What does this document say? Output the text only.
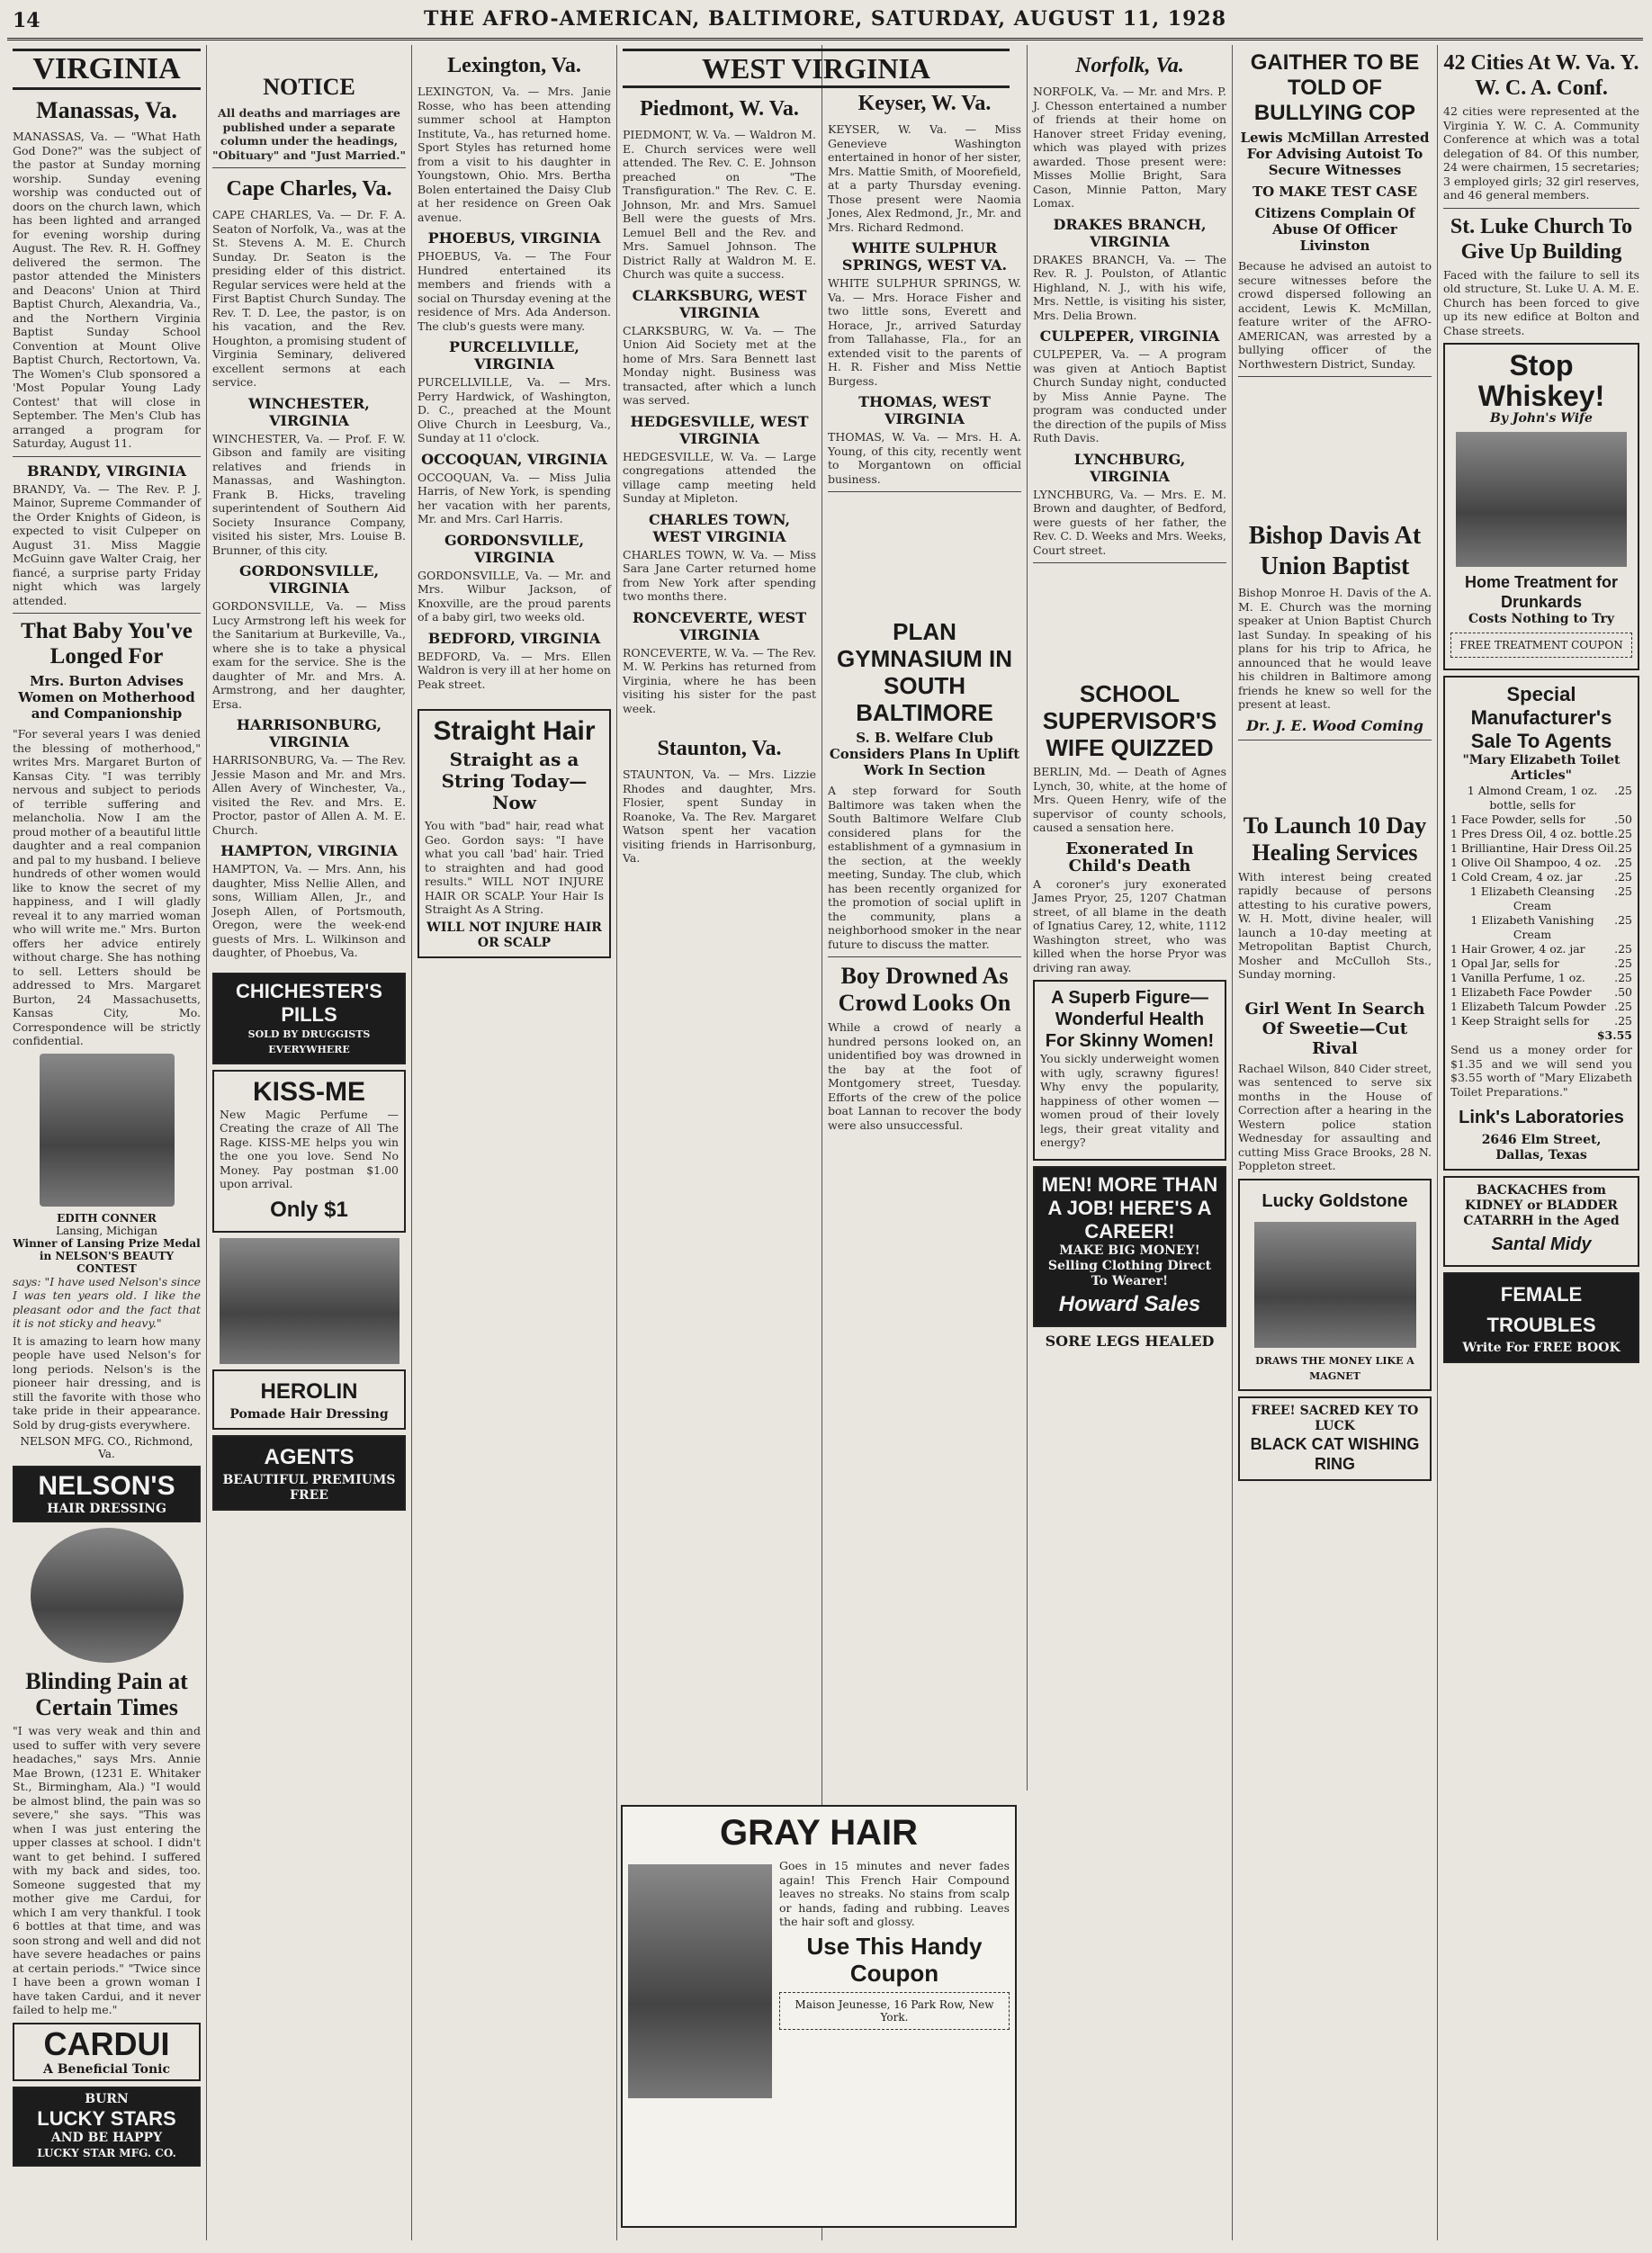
14	THE AFRO-AMERICAN, BALTIMORE, SATURDAY, AUGUST 11, 1928
VIRGINIA
Manassas, Va.

MANASSAS, Va. — "What Hath God Done?" was the subject of the pastor at Sunday morning worship. Sunday evening worship was conducted out of doors on the church lawn, which has been lighted and arranged for evening worship during August. The Rev. R. H. Goffney delivered the sermon. The pastor attended the Ministers and Deacons' Union at Third Baptist Church, Alexandria, Va., and the Northern Virginia Baptist Sunday School Convention at Mount Olive Baptist Church, Rectortown, Va. The Women's Club sponsored a 'Most Popular Young Lady Contest' that will close in September. The Men's Club has arranged a program for Saturday, August 11.

BRANDY, VIRGINIA

BRANDY, Va. — The Rev. P. J. Mainor, Supreme Commander of the Order Knights of Gideon, is expected to visit Culpeper on August 31. Miss Maggie McGuinn gave Walter Craig, her fiancé, a surprise party Friday night which was largely attended.

That Baby You've Longed For
Mrs. Burton Advises Women on Motherhood and Companionship

"For several years I was denied the blessing of motherhood," writes Mrs. Margaret Burton of Kansas City. "I was terribly nervous and subject to periods of terrible suffering and melancholia. Now I am the proud mother of a beautiful little daughter and a real companion and pal to my husband. I believe hundreds of other women would like to know the secret of my happiness, and I will gladly reveal it to any married woman who will write me." Mrs. Burton offers her advice entirely without charge. She has nothing to sell. Letters should be addressed to Mrs. Margaret Burton, 24 Massachusetts, Kansas City, Mo. Correspondence will be strictly confidential.

EDITH CONNER
Lansing, Michigan
Winner of Lansing Prize Medal in NELSON'S BEAUTY CONTEST

says: "I have used Nelson's since I was ten years old. I like the pleasant odor and the fact that it is not sticky and heavy."

It is amazing to learn how many people have used Nelson's for long periods. Nelson's is the pioneer hair dressing, and is still the favorite with those who take pride in their appearance. Sold by drug-gists everywhere.

NELSON MFG. CO., Richmond, Va.
NELSON'S
HAIR DRESSING
Blinding Pain at Certain Times

"I was very weak and thin and used to suffer with very severe headaches," says Mrs. Annie Mae Brown, (1231 E. Whitaker St., Birmingham, Ala.) "I would be almost blind, the pain was so severe," she says. "This was when I was just entering the upper classes at school. I didn't want to get behind. I suffered with my back and sides, too. Someone suggested that my mother give me Cardui, for which I am very thankful. I took 6 bottles at that time, and was soon strong and well and did not have severe headaches or pains at certain periods." "Twice since I have been a grown woman I have taken Cardui, and it never failed to help me."

CARDUI
A Beneficial Tonic
BURN
LUCKY STARS
AND BE HAPPY
LUCKY STAR MFG. CO.
NOTICE

All deaths and marriages are published under a separate column under the headings, "Obituary" and "Just Married."

Cape Charles, Va.

CAPE CHARLES, Va. — Dr. F. A. Seaton of Norfolk, Va., was at the St. Stevens A. M. E. Church Sunday. Dr. Seaton is the presiding elder of this district. Regular services were held at the First Baptist Church Sunday. The Rev. T. D. Lee, the pastor, is on his vacation, and the Rev. Houghton, a promising student of Virginia Seminary, delivered excellent sermons at each service.

WINCHESTER, VIRGINIA

WINCHESTER, Va. — Prof. F. W. Gibson and family are visiting relatives and friends in Manassas, and Washington. Frank B. Hicks, traveling superintendent of Southern Aid Society Insurance Company, visited his sister, Mrs. Louise B. Brunner, of this city.

GORDONSVILLE, VIRGINIA

GORDONSVILLE, Va. — Miss Lucy Armstrong left his week for the Sanitarium at Burkeville, Va., where she is to take a physical exam for the service. She is the daughter of Mr. and Mrs. A. Armstrong, and her daughter, Ersa.

HARRISONBURG, VIRGINIA

HARRISONBURG, Va. — The Rev. Jessie Mason and Mr. and Mrs. Allen Avery of Winchester, Va., visited the Rev. and Mrs. E. Proctor, pastor of Allen A. M. E. Church.

HAMPTON, VIRGINIA

HAMPTON, Va. — Mrs. Ann, his daughter, Miss Nellie Allen, and sons, William Allen, Jr., and Joseph Allen, of Portsmouth, Oregon, were the week-end guests of Mrs. L. Wilkinson and daughter, of Phoebus, Va.

CHICHESTER'S PILLS
SOLD BY DRUGGISTS EVERYWHERE
KISS-ME

New Magic Perfume — Creating the craze of All The Rage. KISS-ME helps you win the one you love. Send No Money. Pay postman $1.00 upon arrival.

Only $1
HEROLIN
Pomade Hair Dressing
AGENTS
BEAUTIFUL PREMIUMS FREE
Lexington, Va.

LEXINGTON, Va. — Mrs. Janie Rosse, who has been attending summer school at Hampton Institute, Va., has returned home. Sport Styles has returned home from a visit to his daughter in Youngstown, Ohio. Mrs. Bertha Bolen entertained the Daisy Club at her residence on Green Oak avenue.

PHOEBUS, VIRGINIA

PHOEBUS, Va. — The Four Hundred entertained its members and friends with a social on Thursday evening at the residence of Mrs. Ada Anderson. The club's guests were many.

PURCELLVILLE, VIRGINIA

PURCELLVILLE, Va. — Mrs. Perry Hardwick, of Washington, D. C., preached at the Mount Olive Church in Leesburg, Va., Sunday at 11 o'clock.

OCCOQUAN, VIRGINIA

OCCOQUAN, Va. — Miss Julia Harris, of New York, is spending her vacation with her parents, Mr. and Mrs. Carl Harris.

GORDONSVILLE, VIRGINIA

GORDONSVILLE, Va. — Mr. and Mrs. Wilbur Jackson, of Knoxville, are the proud parents of a baby girl, two weeks old.

BEDFORD, VIRGINIA

BEDFORD, Va. — Mrs. Ellen Waldron is very ill at her home on Peak street.

Straight Hair
Straight as a String Today—Now

You with "bad" hair, read what Geo. Gordon says: "I have what you call 'bad' hair. Tried to straighten and had good results." WILL NOT INJURE HAIR OR SCALP. Your Hair Is Straight As A String.

WILL NOT INJURE HAIR OR SCALP
WEST VIRGINIA
Piedmont, W. Va.

PIEDMONT, W. Va. — Waldron M. E. Church services were well attended. The Rev. C. E. Johnson preached on "The Transfiguration." The Rev. C. E. Johnson, Mr. and Mrs. Samuel Bell were the guests of Mrs. Lemuel Bell and the Rev. and Mrs. Samuel Johnson. The District Rally at Waldron M. E. Church was quite a success.

CLARKSBURG, WEST VIRGINIA

CLARKSBURG, W. Va. — The Union Aid Society met at the home of Mrs. Sara Bennett last Monday night. Business was transacted, after which a lunch was served.

HEDGESVILLE, WEST VIRGINIA

HEDGESVILLE, W. Va. — Large congregations attended the village camp meeting held Sunday at Mipleton.

CHARLES TOWN, WEST VIRGINIA

CHARLES TOWN, W. Va. — Miss Sara Jane Carter returned home from New York after spending two months there.

RONCEVERTE, WEST VIRGINIA

RONCEVERTE, W. Va. — The Rev. M. W. Perkins has returned from Virginia, where he has been visiting his sister for the past week.

Staunton, Va.

STAUNTON, Va. — Mrs. Lizzie Rhodes and daughter, Mrs. Flosier, spent Sunday in Roanoke, Va. The Rev. Margaret Watson spent her vacation visiting friends in Harrisonburg, Va.

GRAY HAIR

Goes in 15 minutes and never fades again! This French Hair Compound leaves no streaks. No stains from scalp or hands, fading and rubbing. Leaves the hair soft and glossy.

Use This Handy Coupon
Maison Jeunesse, 16 Park Row, New York.
Keyser, W. Va.

KEYSER, W. Va. — Miss Genevieve Washington entertained in honor of her sister, Mrs. Mattie Smith, of Moorefield, at a party Thursday evening. Those present were Naomia Jones, Alex Redmond, Jr., Mr. and Mrs. Richard Redmond.

WHITE SULPHUR SPRINGS, WEST VA.

WHITE SULPHUR SPRINGS, W. Va. — Mrs. Horace Fisher and two little sons, Everett and Horace, Jr., arrived Saturday from Tallahasse, Fla., for an extended visit to the parents of H. R. Fisher and Miss Nettie Burgess.

THOMAS, WEST VIRGINIA

THOMAS, W. Va. — Mrs. H. A. Young, of this city, recently went to Morgantown on official business.

PLAN GYMNASIUM IN SOUTH BALTIMORE
S. B. Welfare Club Considers Plans In Uplift Work In Section

A step forward for South Baltimore was taken when the South Baltimore Welfare Club considered plans for the establishment of a gymnasium in the section, at the weekly meeting, Sunday. The club, which has been recently organized for the promotion of social uplift in the community, plans a neighborhood smoker in the near future to discuss the matter.

Boy Drowned As Crowd Looks On

While a crowd of nearly a hundred persons looked on, an unidentified boy was drowned in the bay at the foot of Montgomery street, Tuesday. Efforts of the crew of the police boat Lannan to recover the body were also unsuccessful.

Norfolk, Va.

NORFOLK, Va. — Mr. and Mrs. P. J. Chesson entertained a number of friends at their home on Hanover street Friday evening, which was played with prizes awarded. Those present were: Misses Mollie Bright, Sara Cason, Minnie Patton, Mary Lomax.

DRAKES BRANCH, VIRGINIA

DRAKES BRANCH, Va. — The Rev. R. J. Poulston, of Atlantic Highland, N. J., with his wife, Mrs. Nettle, is visiting his sister, Mrs. Delia Brown.

CULPEPER, VIRGINIA

CULPEPER, Va. — A program was given at Antioch Baptist Church Sunday night, conducted by Miss Annie Payne. The program was conducted under the direction of the pupils of Miss Ruth Davis.

LYNCHBURG, VIRGINIA

LYNCHBURG, Va. — Mrs. E. M. Brown and daughter, of Bedford, were guests of her father, the Rev. C. D. Weeks and Mrs. Weeks, Court street.

SCHOOL SUPERVISOR'S WIFE QUIZZED

BERLIN, Md. — Death of Agnes Lynch, 30, white, at the home of Mrs. Queen Henry, wife of the supervisor of county schools, caused a sensation here.

Exonerated In Child's Death

A coroner's jury exonerated James Pryor, 25, 1207 Chatman street, of all blame in the death of Ignatius Carey, 12, white, 1112 Washington street, who was killed when the horse Pryor was driving ran away.

A Superb Figure—Wonderful Health For Skinny Women!

You sickly underweight women with ugly, scrawny figures! Why envy the popularity, happiness of other women — women proud of their lovely legs, their great vitality and energy?

MEN! MORE THAN A JOB! HERE'S A CAREER!
MAKE BIG MONEY! Selling Clothing Direct To Wearer!
Howard Sales
SORE LEGS HEALED
GAITHER TO BE TOLD OF BULLYING COP
Lewis McMillan Arrested For Advising Autoist To Secure Witnesses
TO MAKE TEST CASE
Citizens Complain Of Abuse Of Officer Livinston

Because he advised an autoist to secure witnesses before the crowd dispersed following an accident, Lewis K. McMillan, feature writer of the AFRO-AMERICAN, was arrested by a bullying officer of the Northwestern District, Sunday.

Bishop Davis At Union Baptist

Bishop Monroe H. Davis of the A. M. E. Church was the morning speaker at Union Baptist Church last Sunday. In speaking of his plans for his trip to Africa, he announced that he would leave his children in Baltimore among friends he knew so well for the present at least.

Dr. J. E. Wood Coming
To Launch 10 Day Healing Services

With interest being created rapidly because of persons attesting to his curative powers, W. H. Mott, divine healer, will launch a 10-day meeting at Metropolitan Baptist Church, Mosher and McCulloh Sts., Sunday morning.

Girl Went In Search Of Sweetie—Cut Rival

Rachael Wilson, 840 Cider street, was sentenced to serve six months in the House of Correction after a hearing in the Western police station Wednesday for assaulting and cutting Miss Grace Brooks, 28 N. Poppleton street.

Lucky Goldstone
DRAWS THE MONEY LIKE A MAGNET
FREE! SACRED KEY TO LUCK
BLACK CAT WISHING RING
42 Cities At W. Va. Y. W. C. A. Conf.

42 cities were represented at the Virginia Y. W. C. A. Community Conference at which was a total delegation of 84. Of this number, 24 were chairmen, 15 secretaries; 3 employed girls; 32 girl reserves, and 46 general members.

St. Luke Church To Give Up Building

Faced with the failure to sell its old structure, St. Luke U. A. M. E. Church has been forced to give up its new edifice at Bolton and Chase streets.

Stop Whiskey!
By John's Wife
Home Treatment for Drunkards
Costs Nothing to Try
FREE TREATMENT COUPON
Special Manufacturer's Sale To Agents
"Mary Elizabeth Toilet Articles"
1 Almond Cream, 1 oz. bottle, sells for
.25
1 Face Powder, sells for	.50
1 Pres Dress Oil, 4 oz. bottle .25
1 Brilliantine, Hair Dress Oil .25
1 Olive Oil Shampoo, 4 oz. .25
1 Cold Cream, 4 oz. jar	.25
1 Elizabeth Cleansing Cream
.25
1 Elizabeth Vanishing Cream
.25
1 Hair Grower, 4 oz. jar	.25
1 Opal Jar, sells for	.25
1 Vanilla Perfume, 1 oz.	.25
1 Elizabeth Face Powder .50
1 Elizabeth Talcum Powder .25
1 Keep Straight sells for .25
$3.55

Send us a money order for $1.35 and we will send you $3.55 worth of "Mary Elizabeth Toilet Preparations."

Link's Laboratories
2646 Elm Street,
Dallas, Texas
BACKACHES from KIDNEY or BLADDER CATARRH in the Aged
Santal Midy
FEMALE TROUBLES
Write For FREE BOOK
